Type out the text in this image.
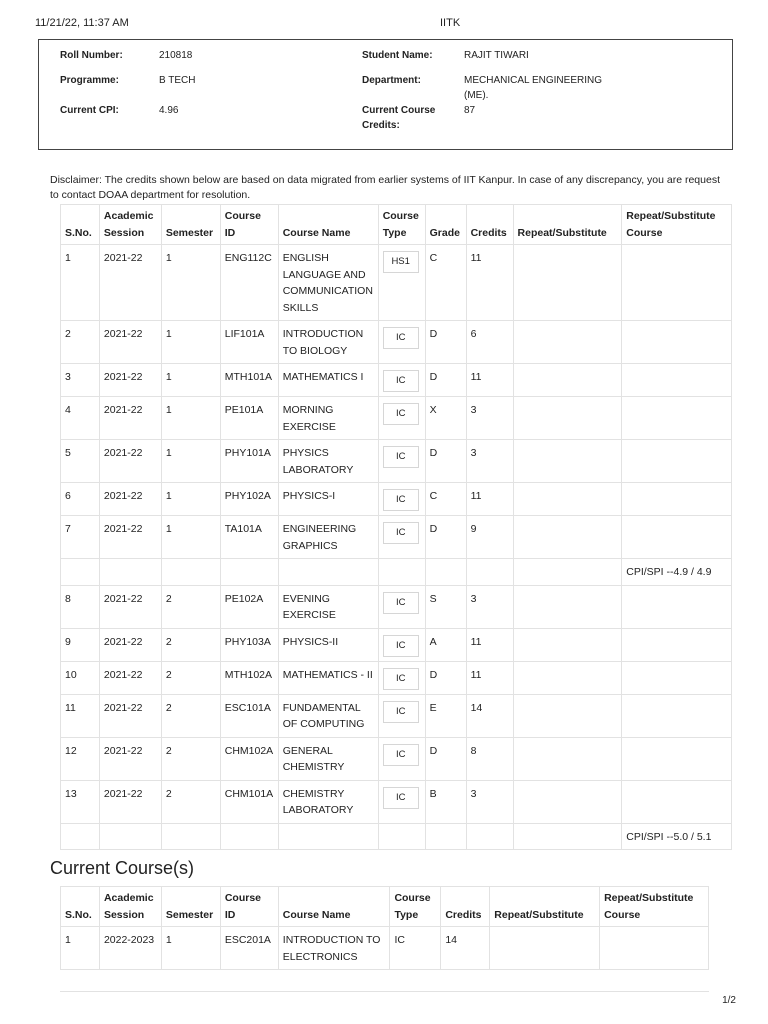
11/21/22, 11:37 AM	IITK
Roll Number:	210818	Student Name:	RAJIT TIWARI
Programme:	B TECH	Department:	MECHANICAL ENGINEERING
(ME).
Current CPI:	4.96	Current Course
Credits:
87
Disclaimer: The credits shown below are based on data migrated from earlier systems of IIT Kanpur. In case of any discrepancy, you are request to contact DOAA department for resolution.
S.No.	Academic Session	Semester	Course ID	Course Name	Course Type	Grade	Credits	Repeat/Substitute	Repeat/Substitute Course
1	2021-22	1	ENG112C	ENGLISH LANGUAGE AND COMMUNICATION SKILLS	HS1	C	11		
2	2021-22	1	LIF101A	INTRODUCTION TO BIOLOGY	IC	D	6		
3	2021-22	1	MTH101A	MATHEMATICS I	IC	D	11		
4	2021-22	1	PE101A	MORNING EXERCISE	IC	X	3		
5	2021-22	1	PHY101A	PHYSICS LABORATORY	IC	D	3		
6	2021-22	1	PHY102A	PHYSICS-I	IC	C	11		
7	2021-22	1	TA101A	ENGINEERING GRAPHICS	IC	D	9		
									CPI/SPI --4.9 / 4.9
8	2021-22	2	PE102A	EVENING EXERCISE	IC	S	3		
9	2021-22	2	PHY103A	PHYSICS-II	IC	A	11		
10	2021-22	2	MTH102A	MATHEMATICS - II	IC	D	11		
11	2021-22	2	ESC101A	FUNDAMENTAL OF COMPUTING	IC	E	14		
12	2021-22	2	CHM102A	GENERAL CHEMISTRY	IC	D	8		
13	2021-22	2	CHM101A	CHEMISTRY LABORATORY	IC	B	3		
									CPI/SPI --5.0 / 5.1
Current Course(s)
S.No.	Academic Session	Semester	Course ID	Course Name	Course Type	Credits	Repeat/Substitute	Repeat/Substitute Course
1	2022-2023	1	ESC201A	INTRODUCTION TO ELECTRONICS	IC	14		
1/2
